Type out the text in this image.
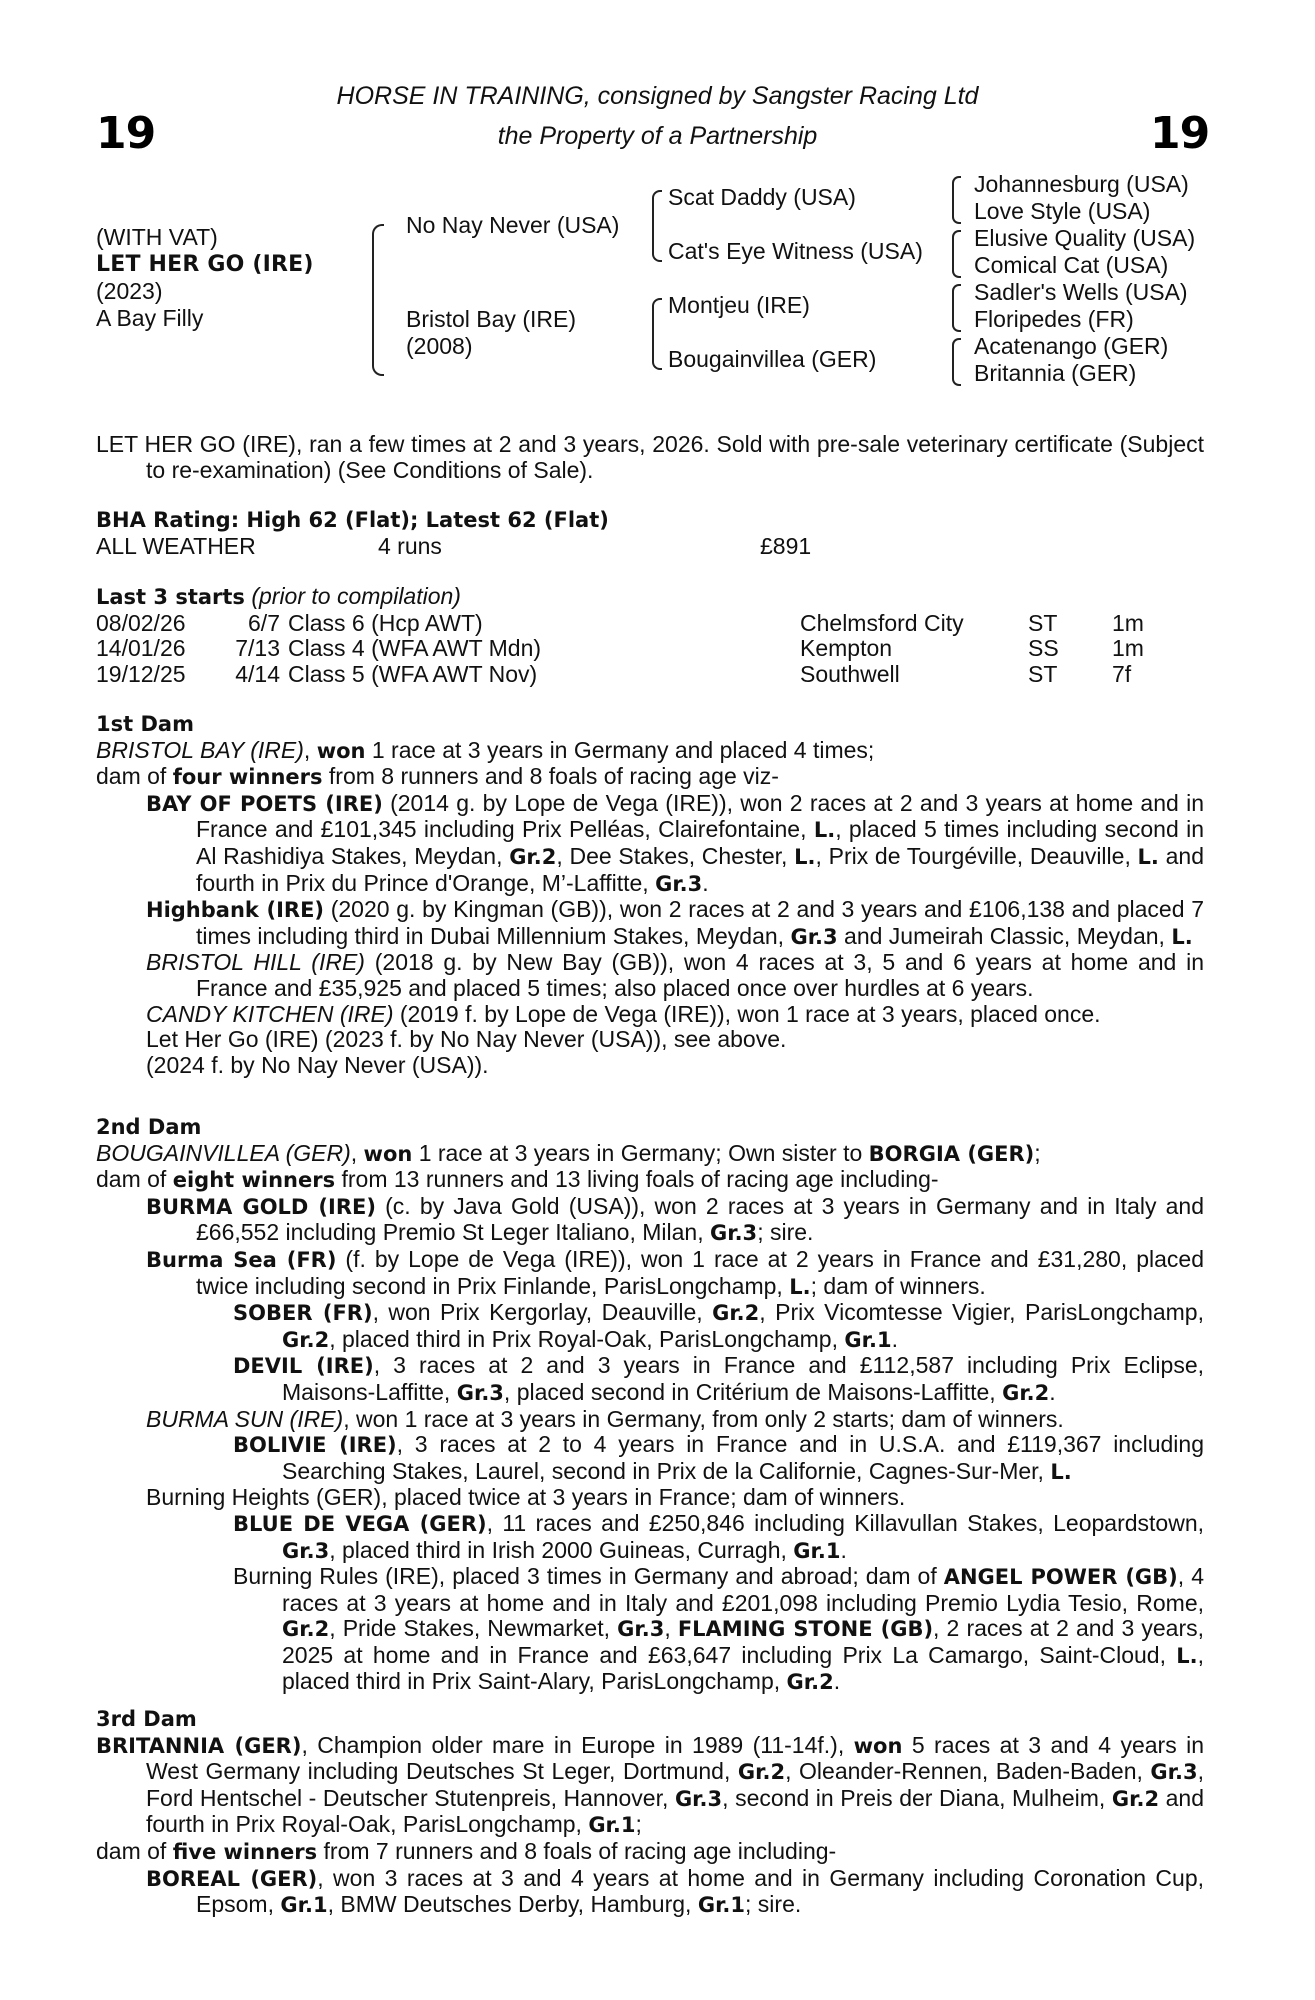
19	19
HORSE IN TRAINING, consigned by Sangster Racing Ltd
the Property of a Partnership
(WITH VAT)
LET HER GO (IRE)
(2023)
A Bay Filly
No Nay Never (USA)
Bristol Bay (IRE)
(2008)
Scat Daddy (USA)
Cat's Eye Witness (USA)
Montjeu (IRE)
Bougainvillea (GER)
Johannesburg (USA)
Love Style (USA)
Elusive Quality (USA)
Comical Cat (USA)
Sadler's Wells (USA)
Floripedes (FR)
Acatenango (GER)
Britannia (GER)

LET HER GO (IRE), ran a few times at 2 and 3 years, 2026. Sold with pre-sale veterinary certificate (Subject to re-examination) (See Conditions of Sale).

BHA Rating: High 62 (Flat); Latest 62 (Flat)

ALL WEATHER	4 runs	£891

Last 3 starts (prior to compilation)

08/02/26	6/7 Class 6 (Hcp AWT)	Chelmsford City	ST 1m
14/01/26 7/13 Class 4 (WFA AWT Mdn)	Kempton	SS 1m
19/12/25 4/14 Class 5 (WFA AWT Nov)	Southwell	ST 7f

1st Dam

BRISTOL BAY (IRE), won 1 race at 3 years in Germany and placed 4 times;

dam of four winners from 8 runners and 8 foals of racing age viz-

BAY OF POETS (IRE) (2014 g. by Lope de Vega (IRE)), won 2 races at 2 and 3 years at home and in France and £101,345 including Prix Pelléas, Clairefontaine, L., placed 5 times including second in Al Rashidiya Stakes, Meydan, Gr.2, Dee Stakes, Chester, L., Prix de Tourgéville, Deauville, L. and fourth in Prix du Prince d'Orange, M’-Laffitte, Gr.3.

Highbank (IRE) (2020 g. by Kingman (GB)), won 2 races at 2 and 3 years and £106,138 and placed 7 times including third in Dubai Millennium Stakes, Meydan, Gr.3 and Jumeirah Classic, Meydan, L.

BRISTOL HILL (IRE) (2018 g. by New Bay (GB)), won 4 races at 3, 5 and 6 years at home and in France and £35,925 and placed 5 times; also placed once over hurdles at 6 years.

CANDY KITCHEN (IRE) (2019 f. by Lope de Vega (IRE)), won 1 race at 3 years, placed once.

Let Her Go (IRE) (2023 f. by No Nay Never (USA)), see above.

(2024 f. by No Nay Never (USA)).

2nd Dam

BOUGAINVILLEA (GER), won 1 race at 3 years in Germany; Own sister to BORGIA (GER);

dam of eight winners from 13 runners and 13 living foals of racing age including-

BURMA GOLD (IRE) (c. by Java Gold (USA)), won 2 races at 3 years in Germany and in Italy and £66,552 including Premio St Leger Italiano, Milan, Gr.3; sire.

Burma Sea (FR) (f. by Lope de Vega (IRE)), won 1 race at 2 years in France and £31,280, placed twice including second in Prix Finlande, ParisLongchamp, L.; dam of winners.

SOBER (FR), won Prix Kergorlay, Deauville, Gr.2, Prix Vicomtesse Vigier, ParisLongchamp, Gr.2, placed third in Prix Royal-Oak, ParisLongchamp, Gr.1.

DEVIL (IRE), 3 races at 2 and 3 years in France and £112,587 including Prix Eclipse, Maisons-Laffitte, Gr.3, placed second in Critérium de Maisons-Laffitte, Gr.2.

BURMA SUN (IRE), won 1 race at 3 years in Germany, from only 2 starts; dam of winners.

BOLIVIE (IRE), 3 races at 2 to 4 years in France and in U.S.A. and £119,367 including Searching Stakes, Laurel, second in Prix de la Californie, Cagnes-Sur-Mer, L.

Burning Heights (GER), placed twice at 3 years in France; dam of winners.

BLUE DE VEGA (GER), 11 races and £250,846 including Killavullan Stakes, Leopardstown, Gr.3, placed third in Irish 2000 Guineas, Curragh, Gr.1.

Burning Rules (IRE), placed 3 times in Germany and abroad; dam of ANGEL POWER (GB), 4 races at 3 years at home and in Italy and £201,098 including Premio Lydia Tesio, Rome, Gr.2, Pride Stakes, Newmarket, Gr.3, FLAMING STONE (GB), 2 races at 2 and 3 years, 2025 at home and in France and £63,647 including Prix La Camargo, Saint-Cloud, L., placed third in Prix Saint-Alary, ParisLongchamp, Gr.2.

3rd Dam

BRITANNIA (GER), Champion older mare in Europe in 1989 (11-14f.), won 5 races at 3 and 4 years in West Germany including Deutsches St Leger, Dortmund, Gr.2, Oleander-Rennen, Baden-Baden, Gr.3, Ford Hentschel - Deutscher Stutenpreis, Hannover, Gr.3, second in Preis der Diana, Mulheim, Gr.2 and fourth in Prix Royal-Oak, ParisLongchamp, Gr.1;

dam of five winners from 7 runners and 8 foals of racing age including-

BOREAL (GER), won 3 races at 3 and 4 years at home and in Germany including Coronation Cup, Epsom, Gr.1, BMW Deutsches Derby, Hamburg, Gr.1; sire.
